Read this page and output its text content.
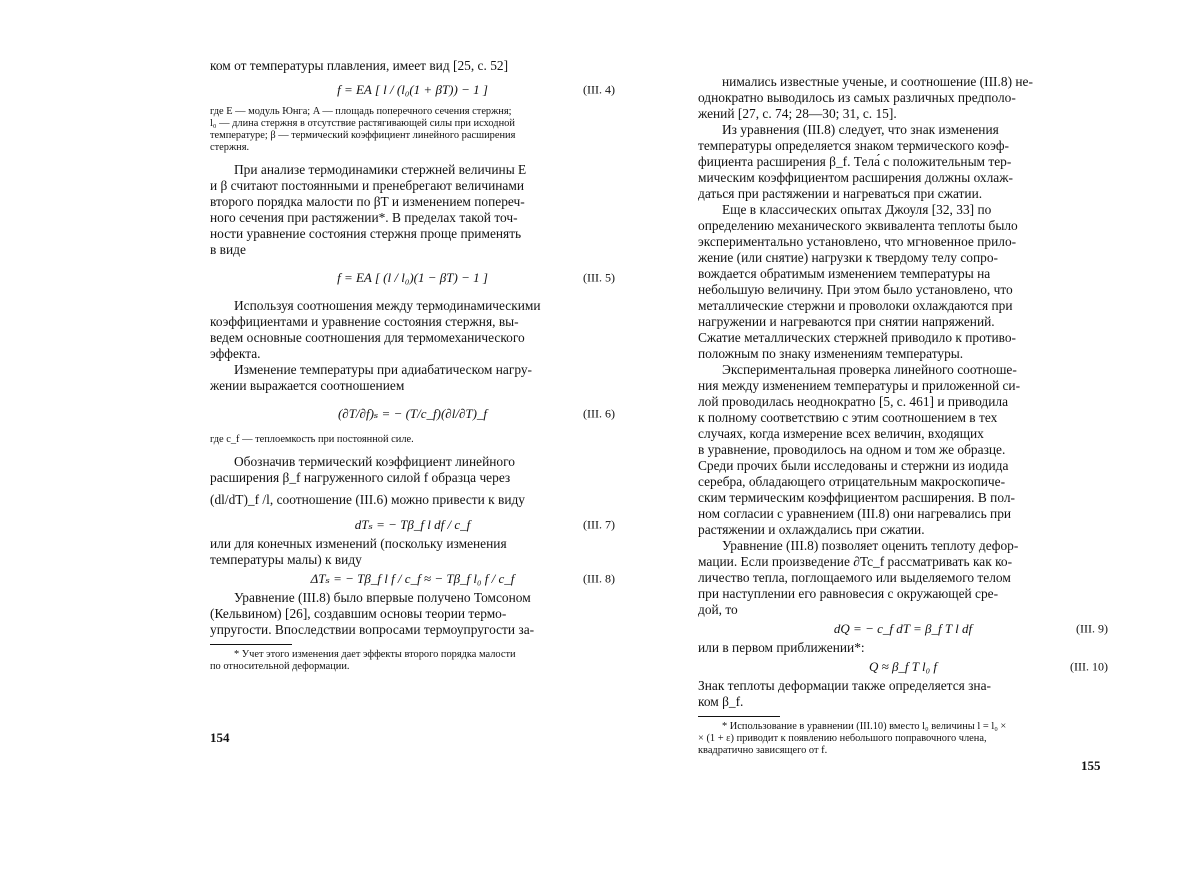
ком от температуры плавления, имеет вид [25, с. 52]

f = EA [ l / (l₀(1 + βT)) − 1 ]	(III. 4)

где E — модуль Юнга; A — площадь поперечного сечения стержня;

l₀ — длина стержня в отсутствие растягивающей силы при исходной

температуре; β — термический коэффициент линейного расширения

стержня.

При анализе термодинамики стержней величины E

и β считают постоянными и пренебрегают величинами

второго порядка малости по βT и изменением попереч-

ного сечения при растяжении*. В пределах такой точ-

ности уравнение состояния стержня проще применять

в виде

f = EA [ (l / l₀)(1 − βT) − 1 ]	(III. 5)

Используя соотношения между термодинамическими

коэффициентами и уравнение состояния стержня, вы-

ведем основные соотношения для термомеханического

эффекта.

Изменение температуры при адиабатическом нагру-

жении выражается соотношением

(∂T/∂f)ₛ = − (T/c_f)(∂l/∂T)_f	(III. 6)

где c_f — теплоемкость при постоянной силе.

Обозначив термический коэффициент линейного

расширения β_f нагруженного силой f образца через

(dl/dT)_f /l, соотношение (III.6) можно привести к виду

dTₛ = − Tβ_f l df / c_f	(III. 7)

или для конечных изменений (поскольку изменения

температуры малы) к виду

ΔTₛ = − Tβ_f l f / c_f ≈ − Tβ_f l₀ f / c_f	(III. 8)

Уравнение (III.8) было впервые получено Томсоном

(Кельвином) [26], создавшим основы теории термо-

упругости. Впоследствии вопросами термоупругости за-

* Учет этого изменения дает эффекты второго порядка малости

по относительной деформации.

154

нимались известные ученые, и соотношение (III.8) не-

однократно выводилось из самых различных предполо-

жений [27, с. 74; 28—30; 31, с. 15].

Из уравнения (III.8) следует, что знак изменения

температуры определяется знаком термического коэф-

фициента расширения β_f. Тела́ с положительным тер-

мическим коэффициентом расширения должны охлаж-

даться при растяжении и нагреваться при сжатии.

Еще в классических опытах Джоуля [32, 33] по

определению механического эквивалента теплоты было

экспериментально установлено, что мгновенное прило-

жение (или снятие) нагрузки к твердому телу сопро-

вождается обратимым изменением температуры на

небольшую величину. При этом было установлено, что

металлические стержни и проволоки охлаждаются при

нагружении и нагреваются при снятии напряжений.

Сжатие металлических стержней приводило к противо-

положным по знаку изменениям температуры.

Экспериментальная проверка линейного соотноше-

ния между изменением температуры и приложенной си-

лой проводилась неоднократно [5, с. 461] и приводила

к полному соответствию с этим соотношением в тех

случаях, когда измерение всех величин, входящих

в уравнение, проводилось на одном и том же образце.

Среди прочих были исследованы и стержни из иодида

серебра, обладающего отрицательным макроскопиче-

ским термическим коэффициентом расширения. В пол-

ном согласии с уравнением (III.8) они нагревались при

растяжении и охлаждались при сжатии.

Уравнение (III.8) позволяет оценить теплоту дефор-

мации. Если произведение ∂Tc_f рассматривать как ко-

личество тепла, поглощаемого или выделяемого телом

при наступлении его равновесия с окружающей сре-

дой, то

dQ = − c_f dT = β_f T l df	(III. 9)

или в первом приближении*:

Q ≈ β_f T l₀ f	(III. 10)

Знак теплоты деформации также определяется зна-

ком β_f.

* Использование в уравнении (III.10) вместо l₀ величины l = l₀ ×

× (1 + ε) приводит к появлению небольшого поправочного члена,

квадратично зависящего от f.

155
